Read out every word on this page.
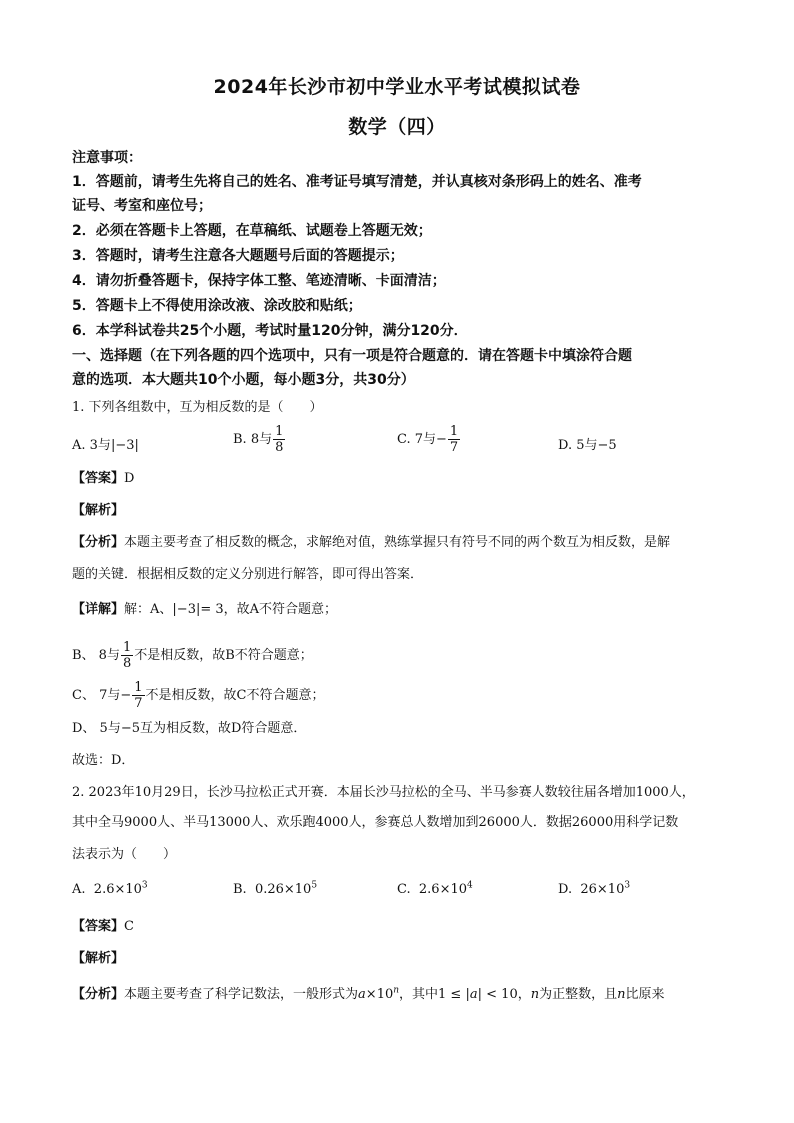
2024年长沙市初中学业水平考试模拟试卷
数学（四）
注意事项：
1．答题前，请考生先将自己的姓名、准考证号填写清楚，并认真核对条形码上的姓名、准考
证号、考室和座位号；
2．必须在答题卡上答题，在草稿纸、试题卷上答题无效；
3．答题时，请考生注意各大题题号后面的答题提示；
4．请勿折叠答题卡，保持字体工整、笔迹清晰、卡面清洁；
5．答题卡上不得使用涂改液、涂改胶和贴纸；
6．本学科试卷共25个小题，考试时量120分钟，满分120分．
一、选择题（在下列各题的四个选项中，只有一项是符合题意的．请在答题卡中填涂符合题
意的选项．本大题共10个小题，每小题3分，共30分）
1. 下列各组数中，互为相反数的是（　　）
A. 3与|−3|	B. 8与 $\frac{1}{8}$	C. 7与− $\frac{1}{7}$	D. 5与−5
【答案】D
【解析】
【分析】本题主要考查了相反数的概念，求解绝对值，熟练掌握只有符号不同的两个数互为相反数，是解
题的关键．根据相反数的定义分别进行解答，即可得出答案．
【详解】解：A、|−3|= 3，故A不符合题意；
B、 8与 $\frac{1}{8}$ 不是相反数，故B不符合题意；
C、 7与− $\frac{1}{7}$ 不是相反数，故C不符合题意；
D、 5与−5互为相反数，故D符合题意．
故选：D．
2. 2023年10月29日，长沙马拉松正式开赛．本届长沙马拉松的全马、半马参赛人数较往届各增加1000人，
其中全马9000人、半马13000人、欢乐跑4000人，参赛总人数增加到26000人．数据26000用科学记数
法表示为（　　）
A. $2.6\times 10^3$	B. $0.26\times 10^5$	C. $2.6\times 10^4$	D. $26\times 10^3$
【答案】C
【解析】
【分析】本题主要考查了科学记数法，一般形式为$a\times 10^n$，其中1 ≤ |a| < 10，n为正整数，且n比原来
